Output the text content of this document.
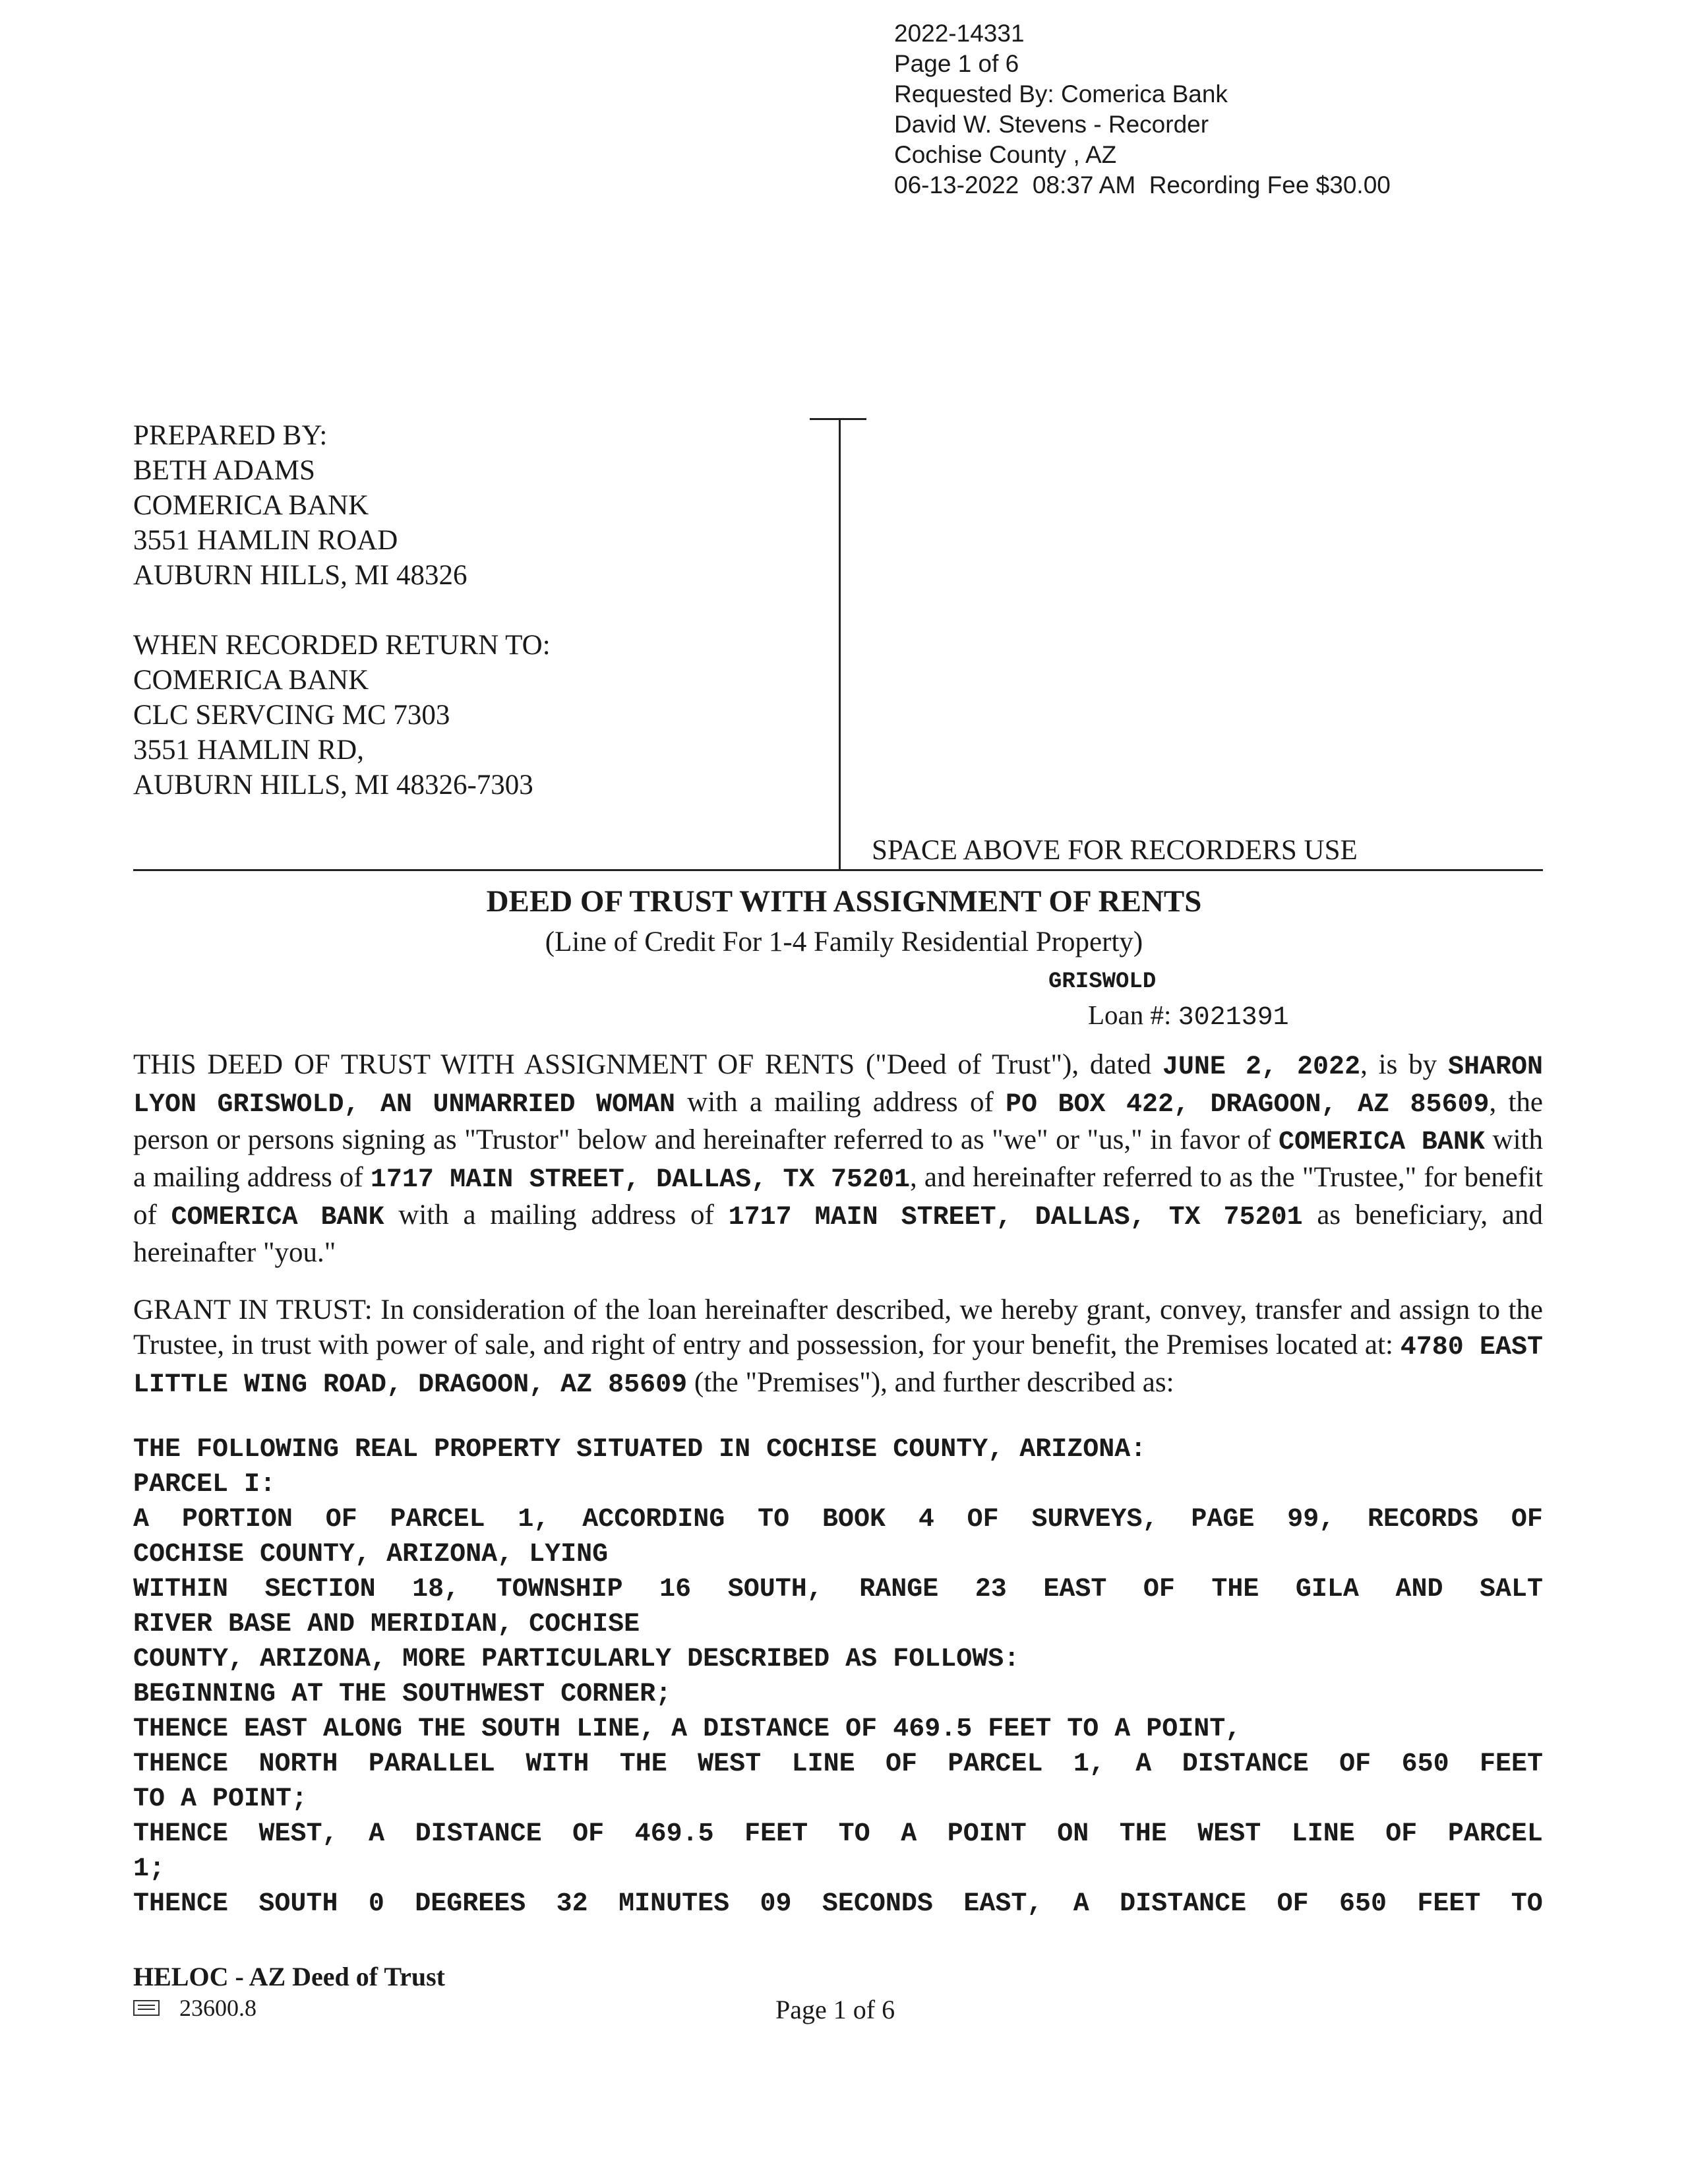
2022-14331
Page 1 of 6
Requested By: Comerica Bank
David W. Stevens - Recorder
Cochise County , AZ
06-13-2022  08:37 AM  Recording Fee $30.00
PREPARED BY:
BETH ADAMS
COMERICA BANK
3551 HAMLIN ROAD
AUBURN HILLS, MI 48326
WHEN RECORDED RETURN TO:
COMERICA BANK
CLC SERVCING MC 7303
3551 HAMLIN RD,
AUBURN HILLS, MI 48326-7303
SPACE ABOVE FOR RECORDERS USE
DEED OF TRUST WITH ASSIGNMENT OF RENTS
(Line of Credit For 1-4 Family Residential Property)
GRISWOLD
Loan #: 3021391
THIS DEED OF TRUST WITH ASSIGNMENT OF RENTS ("Deed of Trust"), dated JUNE 2, 2022, is by SHARON LYON GRISWOLD, AN UNMARRIED WOMAN with a mailing address of PO BOX 422, DRAGOON, AZ 85609, the person or persons signing as "Trustor" below and hereinafter referred to as "we" or "us," in favor of COMERICA BANK with a mailing address of 1717 MAIN STREET, DALLAS, TX 75201, and hereinafter referred to as the "Trustee," for benefit of COMERICA BANK with a mailing address of 1717 MAIN STREET, DALLAS, TX 75201 as beneficiary, and hereinafter "you."
GRANT IN TRUST: In consideration of the loan hereinafter described, we hereby grant, convey, transfer and assign to the Trustee, in trust with power of sale, and right of entry and possession, for your benefit, the Premises located at: 4780 EAST LITTLE WING ROAD, DRAGOON, AZ 85609 (the "Premises"), and further described as:
THE FOLLOWING REAL PROPERTY SITUATED IN COCHISE COUNTY, ARIZONA:
PARCEL I:
A PORTION OF PARCEL 1, ACCORDING TO BOOK 4 OF SURVEYS, PAGE 99, RECORDS OF
COCHISE COUNTY, ARIZONA, LYING
WITHIN SECTION 18, TOWNSHIP 16 SOUTH, RANGE 23 EAST OF THE GILA AND SALT
RIVER BASE AND MERIDIAN, COCHISE
COUNTY, ARIZONA, MORE PARTICULARLY DESCRIBED AS FOLLOWS:
BEGINNING AT THE SOUTHWEST CORNER;
THENCE EAST ALONG THE SOUTH LINE, A DISTANCE OF 469.5 FEET TO A POINT,
THENCE NORTH PARALLEL WITH THE WEST LINE OF PARCEL 1, A DISTANCE OF 650 FEET
TO A POINT;
THENCE WEST, A DISTANCE OF 469.5 FEET TO A POINT ON THE WEST LINE OF PARCEL
1;
THENCE SOUTH 0 DEGREES 32 MINUTES 09 SECONDS EAST, A DISTANCE OF 650 FEET TO
HELOC - AZ Deed of Trust
23600.8	Page 1 of 6
